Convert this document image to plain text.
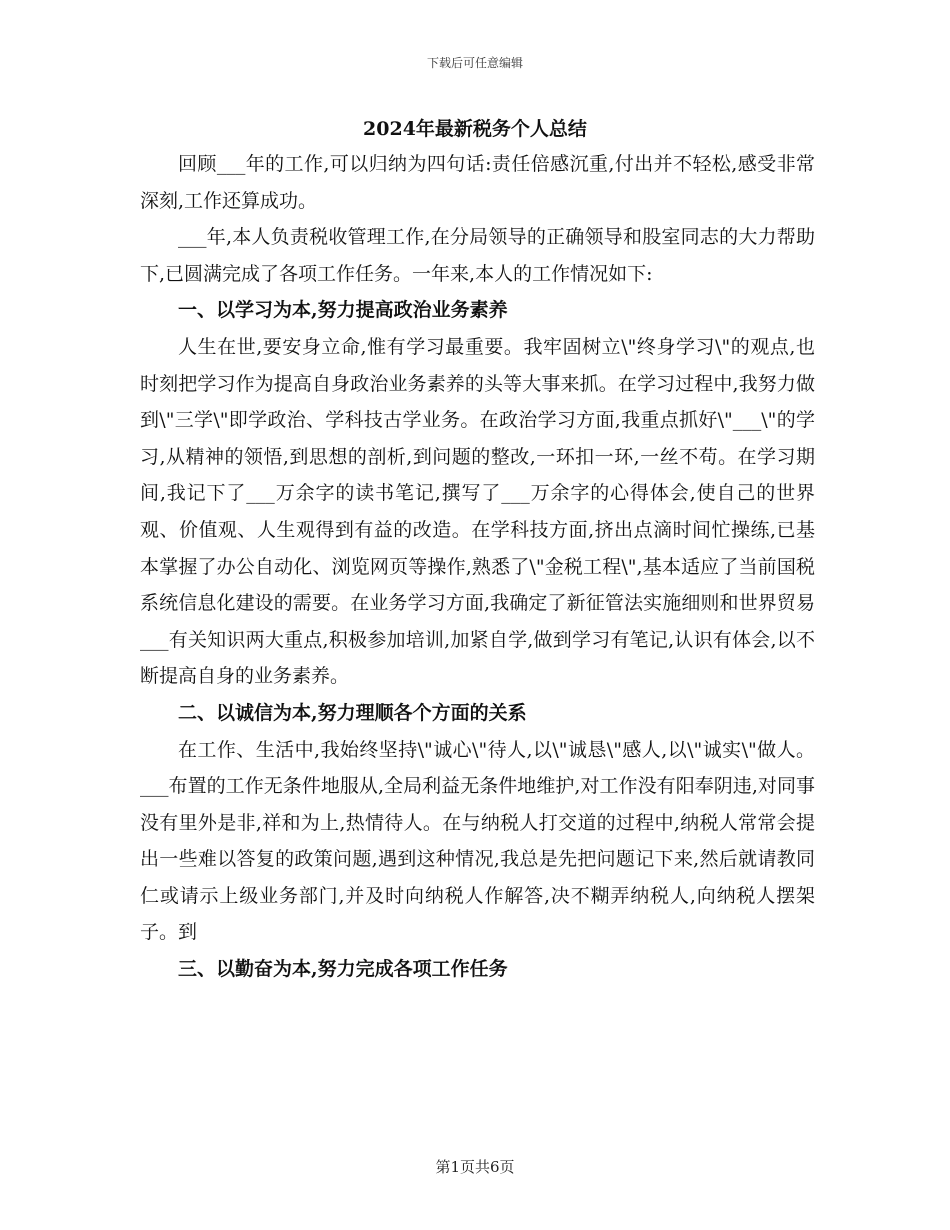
下载后可任意编辑
2024年最新税务个人总结

回顾___年的工作,可以归纳为四句话:责任倍感沉重,付出并不轻松,感受非常深刻,工作还算成功。

___年,本人负责税收管理工作,在分局领导的正确领导和股室同志的大力帮助下,已圆满完成了各项工作任务。一年来,本人的工作情况如下:

一、以学习为本,努力提高政治业务素养

人生在世,要安身立命,惟有学习最重要。我牢固树立\"终身学习\"的观点,也时刻把学习作为提高自身政治业务素养的头等大事来抓。在学习过程中,我努力做到\"三学\"即学政治、学科技古学业务。在政治学习方面,我重点抓好\"___\"的学习,从精神的领悟,到思想的剖析,到问题的整改,一环扣一环,一丝不苟。在学习期间,我记下了___万余字的读书笔记,撰写了___万余字的心得体会,使自己的世界观、价值观、人生观得到有益的改造。在学科技方面,挤出点滴时间忙操练,已基本掌握了办公自动化、浏览网页等操作,熟悉了\"金税工程\",基本适应了当前国税系统信息化建设的需要。在业务学习方面,我确定了新征管法实施细则和世界贸易___有关知识两大重点,积极参加培训,加紧自学,做到学习有笔记,认识有体会,以不断提高自身的业务素养。

二、以诚信为本,努力理顺各个方面的关系

在工作、生活中,我始终坚持\"诚心\"待人,以\"诚恳\"感人,以\"诚实\"做人。___布置的工作无条件地服从,全局利益无条件地维护,对工作没有阳奉阴违,对同事没有里外是非,祥和为上,热情待人。在与纳税人打交道的过程中,纳税人常常会提出一些难以答复的政策问题,遇到这种情况,我总是先把问题记下来,然后就请教同仁或请示上级业务部门,并及时向纳税人作解答,决不糊弄纳税人,向纳税人摆架子。到

三、以勤奋为本,努力完成各项工作任务
第1页共6页
